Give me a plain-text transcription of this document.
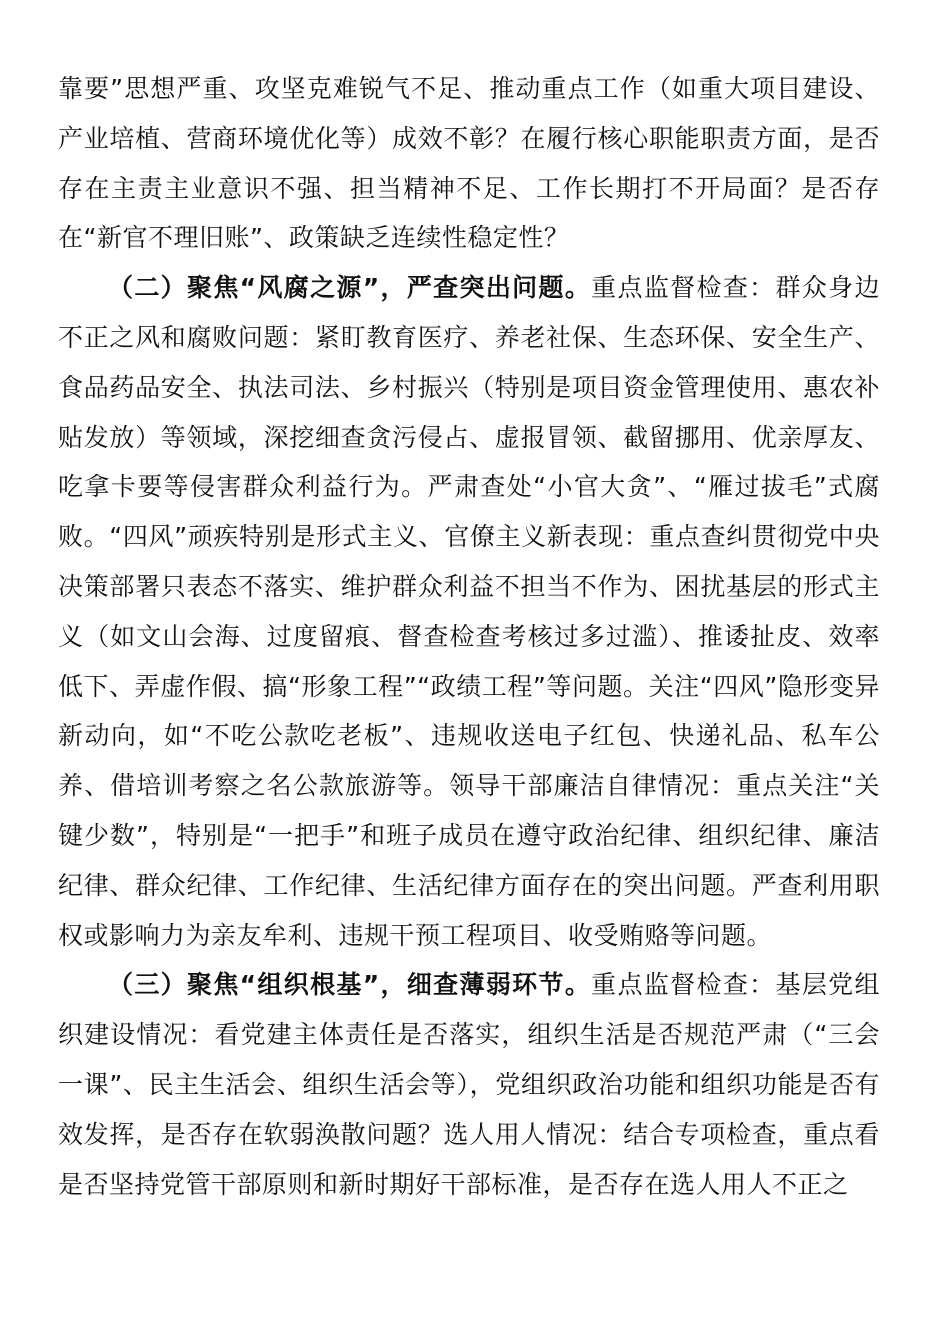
靠要”思想严重、攻坚克难锐气不足、推动重点工作（如重大项目建设、产业培植、营商环境优化等）成效不彰？在履行核心职能职责方面，是否存在主责主业意识不强、担当精神不足、工作长期打不开局面？是否存在“新官不理旧账”、政策缺乏连续性稳定性？

（二）聚焦“风腐之源”，严查突出问题。重点监督检查：群众身边不正之风和腐败问题：紧盯教育医疗、养老社保、生态环保、安全生产、食品药品安全、执法司法、乡村振兴（特别是项目资金管理使用、惠农补贴发放）等领域，深挖细查贪污侵占、虚报冒领、截留挪用、优亲厚友、吃拿卡要等侵害群众利益行为。严肃查处“小官大贪”、“雁过拔毛”式腐败。“四风”顽疾特别是形式主义、官僚主义新表现：重点查纠贯彻党中央决策部署只表态不落实、维护群众利益不担当不作为、困扰基层的形式主义（如文山会海、过度留痕、督查检查考核过多过滥）、推诿扯皮、效率低下、弄虚作假、搞“形象工程”“政绩工程”等问题。关注“四风”隐形变异新动向，如“不吃公款吃老板”、违规收送电子红包、快递礼品、私车公养、借培训考察之名公款旅游等。领导干部廉洁自律情况：重点关注“关键少数”，特别是“一把手”和班子成员在遵守政治纪律、组织纪律、廉洁纪律、群众纪律、工作纪律、生活纪律方面存在的突出问题。严查利用职权或影响力为亲友牟利、违规干预工程项目、收受贿赂等问题。

（三）聚焦“组织根基”，细查薄弱环节。重点监督检查：基层党组织建设情况：看党建主体责任是否落实，组织生活是否规范严肃（“三会一课”、民主生活会、组织生活会等），党组织政治功能和组织功能是否有效发挥，是否存在软弱涣散问题？选人用人情况：结合专项检查，重点看是否坚持党管干部原则和新时期好干部标准，是否存在选人用人不正之
